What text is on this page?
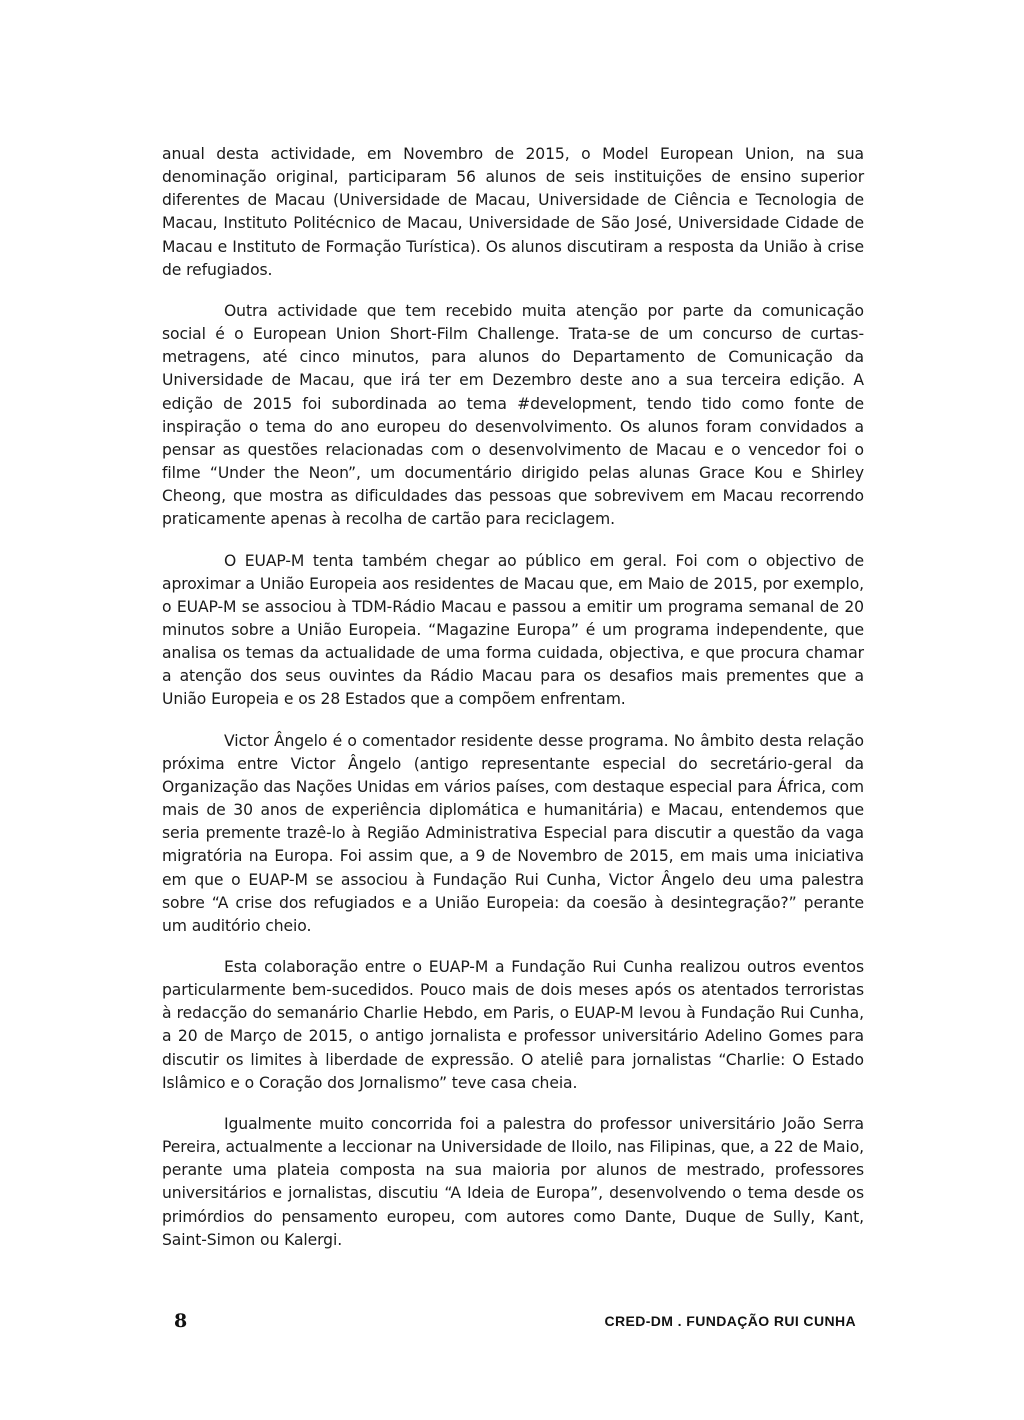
anual desta actividade, em Novembro de 2015, o Model European Union, na sua denominação original, participaram 56 alunos de seis instituições de ensino superior diferentes de Macau (Universidade de Macau, Universidade de Ciência e Tecnologia de Macau, Instituto Politécnico de Macau, Universidade de São José, Universidade Cidade de Macau e Instituto de Formação Turística). Os alunos discutiram a resposta da União à crise de refugiados.

Outra actividade que tem recebido muita atenção por parte da comunicação social é o European Union Short-Film Challenge. Trata-se de um concurso de curtas-metragens, até cinco minutos, para alunos do Departamento de Comunicação da Universidade de Macau, que irá ter em Dezembro deste ano a sua terceira edição. A edição de 2015 foi subordinada ao tema #development, tendo tido como fonte de inspiração o tema do ano europeu do desenvolvimento. Os alunos foram convidados a pensar as questões relacionadas com o desenvolvimento de Macau e o vencedor foi o filme “Under the Neon”, um documentário dirigido pelas alunas Grace Kou e Shirley Cheong, que mostra as dificuldades das pessoas que sobrevivem em Macau recorrendo praticamente apenas à recolha de cartão para reciclagem.

O EUAP-M tenta também chegar ao público em geral. Foi com o objectivo de aproximar a União Europeia aos residentes de Macau que, em Maio de 2015, por exemplo, o EUAP-M se associou à TDM-Rádio Macau e passou a emitir um programa semanal de 20 minutos sobre a União Europeia. “Magazine Europa” é um programa independente, que analisa os temas da actualidade de uma forma cuidada, objectiva, e que procura chamar a atenção dos seus ouvintes da Rádio Macau para os desafios mais prementes que a União Europeia e os 28 Estados que a compõem enfrentam.

Victor Ângelo é o comentador residente desse programa. No âmbito desta relação próxima entre Victor Ângelo (antigo representante especial do secretário-geral da Organização das Nações Unidas em vários países, com destaque especial para África, com mais de 30 anos de experiência diplomática e humanitária) e Macau, entendemos que seria premente trazê-lo à Região Administrativa Especial para discutir a questão da vaga migratória na Europa. Foi assim que, a 9 de Novembro de 2015, em mais uma iniciativa em que o EUAP-M se associou à Fundação Rui Cunha, Victor Ângelo deu uma palestra sobre “A crise dos refugiados e a União Europeia: da coesão à desintegração?” perante um auditório cheio.

Esta colaboração entre o EUAP-M a Fundação Rui Cunha realizou outros eventos particularmente bem-sucedidos. Pouco mais de dois meses após os atentados terroristas à redacção do semanário Charlie Hebdo, em Paris, o EUAP-M levou à Fundação Rui Cunha, a 20 de Março de 2015, o antigo jornalista e professor universitário Adelino Gomes para discutir os limites à liberdade de expressão. O ateliê para jornalistas “Charlie: O Estado Islâmico e o Coração dos Jornalismo” teve casa cheia.

Igualmente muito concorrida foi a palestra do professor universitário João Serra Pereira, actualmente a leccionar na Universidade de Iloilo, nas Filipinas, que, a 22 de Maio, perante uma plateia composta na sua maioria por alunos de mestrado, professores universitários e jornalistas, discutiu “A Ideia de Europa”, desenvolvendo o tema desde os primórdios do pensamento europeu, com autores como Dante, Duque de Sully, Kant, Saint-Simon ou Kalergi.

8	CRED-DM . FUNDAÇÃO RUI CUNHA
